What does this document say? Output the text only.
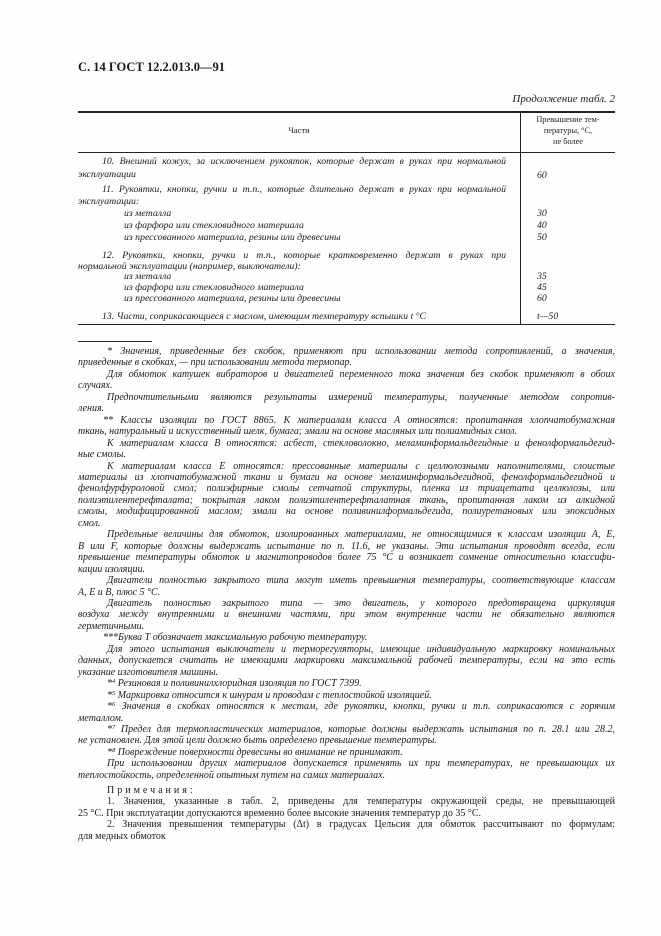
С. 14 ГОСТ 12.2.013.0—91
Продолжение табл. 2
Части
Превышение тем-
пературы, °С,
не более
10. Внешний кожух, за исключением рукояток, которые держат в руках при нормальной
эксплуатации	60
11. Рукоятки, кнопки, ручки и т.п., которые длительно держат в руках при нормальной
эксплуатации:
из металла	30
из фарфора или стекловидного материала	40
из прессованного материала, резины или древесины	50
12. Рукоятки, кнопки, ручки и т.п., которые кратковременно держат в руках при
нормальной эксплуатации (например, выключатели):
из металла	35
из фарфора или стекловидного материала	45
из прессованного материала, резины или древесины	60
13. Части, соприкасающиеся с маслом, имеющим температуру вспышки t °С	t—50
* Значения, приведенные без скобок, применяют при использовании метода сопротивлений, а значения,
приведенные в скобках, — при использовании метода термопар.
Для обмоток катушек вибраторов и двигателей переменного тока значения без скобок применяют в обоих
случаях.
Предпочтительными являются результаты измерений температуры, полученные методом сопротив-
ления.
** Классы изоляции по ГОСТ 8865. К материалам класса А относятся: пропитанная хлопчатобумажная
ткань, натуральный и искусственный шелк, бумага; эмали на основе масляных или полиамидных смол.
К материалам класса В относятся: асбест, стекловолокно, меламинформальдегидные и фенолформальдегид-
ные смолы.
К материалам класса Е относятся: прессованные материалы с целлюлозными наполнителями, слоистые
материалы из хлопчатобумажной ткани и бумаги на основе меламинформальдегидной, фенолформальдегидной и
фенолфурфуроловой смол; полиэфирные смолы сетчатой структуры, пленка из триацетата целлюлозы, или
полиэтилентерефталата; покрытая лаком полиэтилентерефталатная ткань, пропитанная лаком из алкидной
смолы, модифицированной маслом; эмали на основе поливинилформальдегида, полиуретановых или эпоксидных
смол.
Предельные величины для обмоток, изолированных материалами, не относящимися к классам изоляции А, Е,
В или F, которые должны выдержать испытание по п. 11.6, не указаны. Эти испытания проводят всегда, если
превышение температуры обмоток и магнитопроводов более 75 °С и возникает сомнение относительно классифи-
кации изоляции.
Двигатели полностью закрытого типа могут иметь превышения температуры, соответствующие классам
А, Е и В, плюс 5 °С.
Двигатель полностью закрытого типа — это двигатель, у которого предотвращена циркуляция
воздуха между внутренними и внешними частями, при этом внутренние части не обязательно являются
герметичными.
***Буква Т обозначает максимальную рабочую температуру.
Для этого испытания выключатели и терморегуляторы, имеющие индивидуальную маркировку номинальных
данных, допускается считать не имеющими маркировки максимальной рабочей температуры, если на это есть
указание изготовителя машины.
*$^4$ Резиновая и поливинилхлоридная изоляция по ГОСТ 7399.
*$^5$ Маркировка относится к шнурам и проводам с теплостойкой изоляцией.
*$^6$ Значения в скобках относятся к местам, где рукоятки, кнопки, ручки и т.п. соприкасаются с горячим
металлом.
*$^7$ Предел для термопластических материалов, которые должны выдержать испытания по п. 28.1 или 28.2,
не установлен. Для этой цели должно быть определено превышение температуры.
*$^8$ Повреждение поверхности древесины во внимание не принимают.
При использовании других материалов допускается применять их при температурах, не превышающих их
теплостойкость, определенной опытным путем на самих материалах.
Примечания:
1. Значения, указанные в табл. 2, приведены для температуры окружающей среды, не превышающей
25 °С. При эксплуатации допускаются временно более высокие значения температур до 35 °С.
2. Значения превышения температуры (Δt) в градусах Цельсия для обмоток рассчитывают по формулам:
для медных обмоток
